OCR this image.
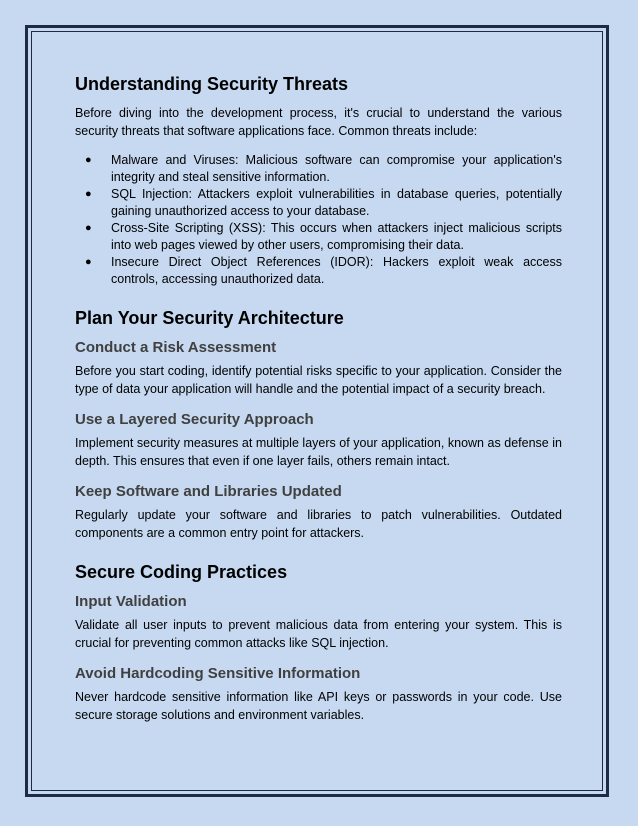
Understanding Security Threats

Before diving into the development process, it's crucial to understand the various security threats that software applications face. Common threats include:

● Malware and Viruses: Malicious software can compromise your application's integrity and steal sensitive information.
● SQL Injection: Attackers exploit vulnerabilities in database queries, potentially gaining unauthorized access to your database.
● Cross-Site Scripting (XSS): This occurs when attackers inject malicious scripts into web pages viewed by other users, compromising their data.
● Insecure Direct Object References (IDOR): Hackers exploit weak access controls, accessing unauthorized data.
Plan Your Security Architecture
Conduct a Risk Assessment

Before you start coding, identify potential risks specific to your application. Consider the type of data your application will handle and the potential impact of a security breach.

Use a Layered Security Approach

Implement security measures at multiple layers of your application, known as defense in depth. This ensures that even if one layer fails, others remain intact.

Keep Software and Libraries Updated

Regularly update your software and libraries to patch vulnerabilities. Outdated components are a common entry point for attackers.

Secure Coding Practices
Input Validation

Validate all user inputs to prevent malicious data from entering your system. This is crucial for preventing common attacks like SQL injection.

Avoid Hardcoding Sensitive Information

Never hardcode sensitive information like API keys or passwords in your code. Use secure storage solutions and environment variables.
